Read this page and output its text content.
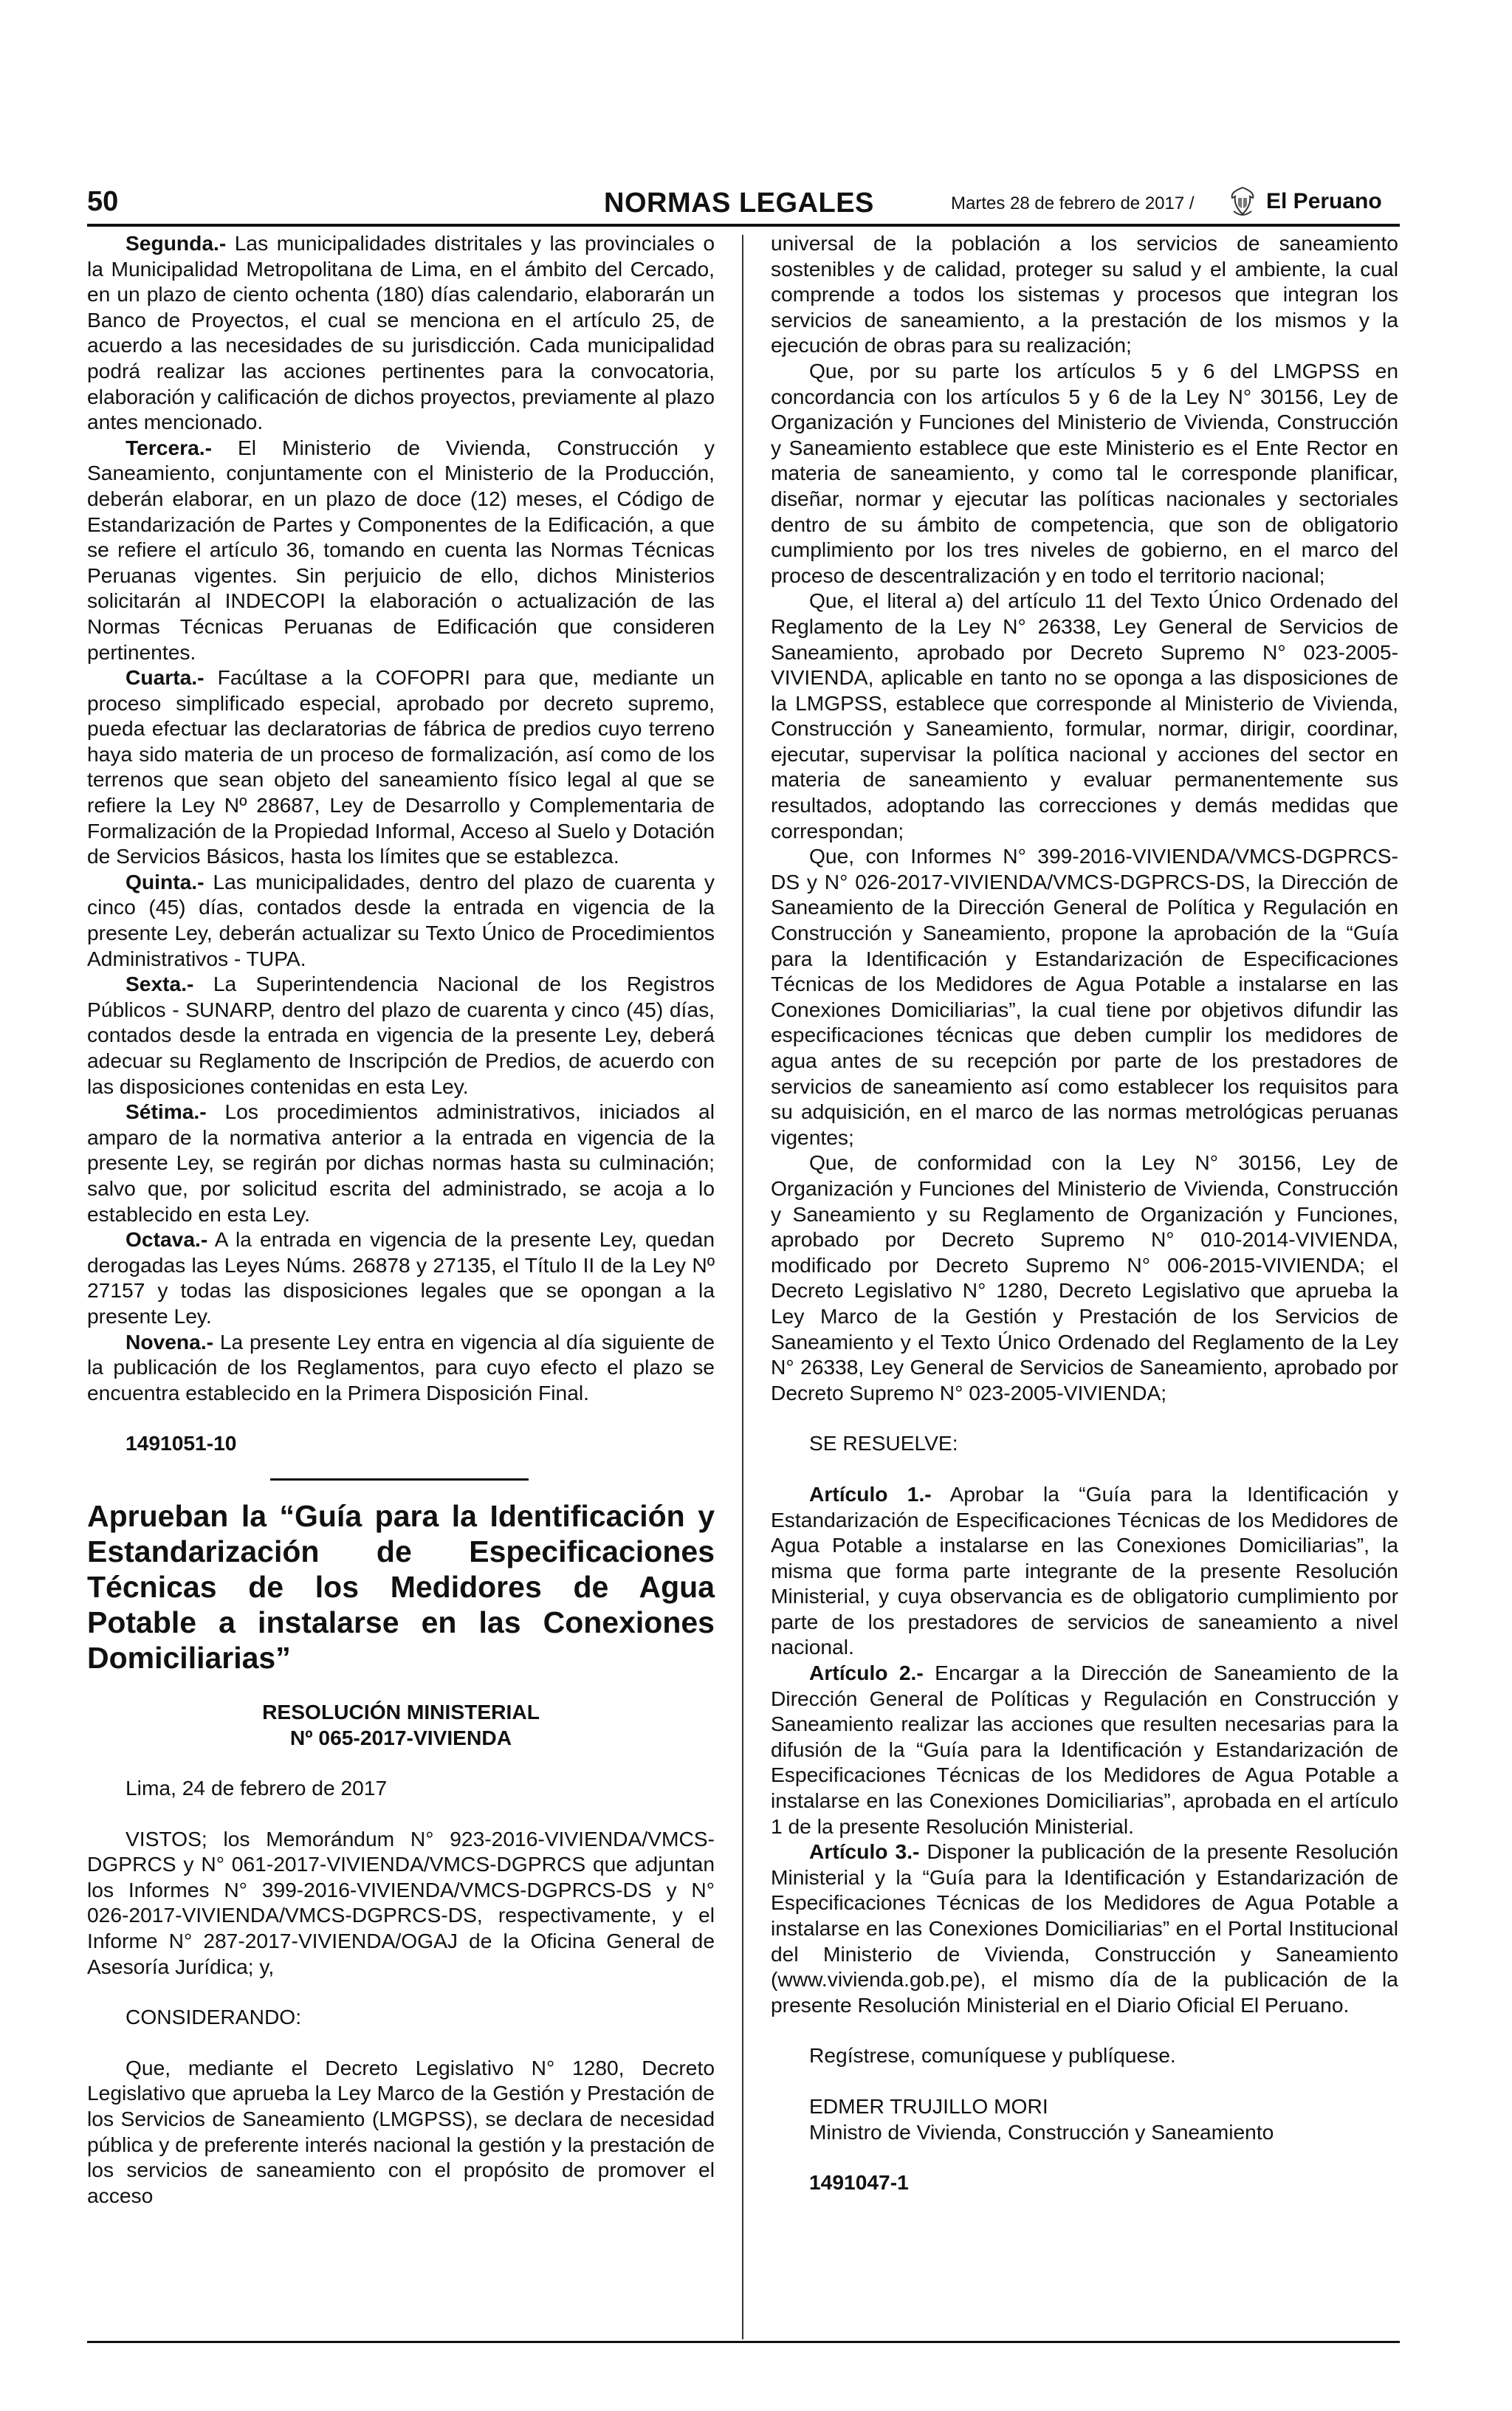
50	NORMAS LEGALES	Martes 28 de febrero de 2017 /	El Peruano

Segunda.- Las municipalidades distritales y las provinciales o la Municipalidad Metropolitana de Lima, en el ámbito del Cercado, en un plazo de ciento ochenta (180) días calendario, elaborarán un Banco de Proyectos, el cual se menciona en el artículo 25, de acuerdo a las necesidades de su jurisdicción. Cada municipalidad podrá realizar las acciones pertinentes para la convocatoria, elaboración y calificación de dichos proyectos, previamente al plazo antes mencionado.

Tercera.- El Ministerio de Vivienda, Construcción y Saneamiento, conjuntamente con el Ministerio de la Producción, deberán elaborar, en un plazo de doce (12) meses, el Código de Estandarización de Partes y Componentes de la Edificación, a que se refiere el artículo 36, tomando en cuenta las Normas Técnicas Peruanas vigentes. Sin perjuicio de ello, dichos Ministerios solicitarán al INDECOPI la elaboración o actualización de las Normas Técnicas Peruanas de Edificación que consideren pertinentes.

Cuarta.- Facúltase a la COFOPRI para que, mediante un proceso simplificado especial, aprobado por decreto supremo, pueda efectuar las declaratorias de fábrica de predios cuyo terreno haya sido materia de un proceso de formalización, así como de los terrenos que sean objeto del saneamiento físico legal al que se refiere la Ley Nº 28687, Ley de Desarrollo y Complementaria de Formalización de la Propiedad Informal, Acceso al Suelo y Dotación de Servicios Básicos, hasta los límites que se establezca.

Quinta.- Las municipalidades, dentro del plazo de cuarenta y cinco (45) días, contados desde la entrada en vigencia de la presente Ley, deberán actualizar su Texto Único de Procedimientos Administrativos - TUPA.

Sexta.- La Superintendencia Nacional de los Registros Públicos - SUNARP, dentro del plazo de cuarenta y cinco (45) días, contados desde la entrada en vigencia de la presente Ley, deberá adecuar su Reglamento de Inscripción de Predios, de acuerdo con las disposiciones contenidas en esta Ley.

Sétima.- Los procedimientos administrativos, iniciados al amparo de la normativa anterior a la entrada en vigencia de la presente Ley, se regirán por dichas normas hasta su culminación; salvo que, por solicitud escrita del administrado, se acoja a lo establecido en esta Ley.

Octava.- A la entrada en vigencia de la presente Ley, quedan derogadas las Leyes Núms. 26878 y 27135, el Título II de la Ley Nº 27157 y todas las disposiciones legales que se opongan a la presente Ley.

Novena.- La presente Ley entra en vigencia al día siguiente de la publicación de los Reglamentos, para cuyo efecto el plazo se encuentra establecido en la Primera Disposición Final.

1491051-10
Aprueban la “Guía para la Identificación y Estandarización de Especificaciones Técnicas de los Medidores de Agua Potable a instalarse en las Conexiones Domiciliarias”
RESOLUCIÓN MINISTERIAL
Nº 065-2017-VIVIENDA

Lima, 24 de febrero de 2017

VISTOS; los Memorándum N° 923-2016-VIVIENDA/VMCS-DGPRCS y N° 061-2017-VIVIENDA/VMCS-DGPRCS que adjuntan los Informes N° 399-2016-VIVIENDA/VMCS-DGPRCS-DS y N° 026-2017-VIVIENDA/VMCS-DGPRCS-DS, respectivamente, y el Informe N° 287-2017-VIVIENDA/OGAJ de la Oficina General de Asesoría Jurídica; y,

CONSIDERANDO:

Que, mediante el Decreto Legislativo N° 1280, Decreto Legislativo que aprueba la Ley Marco de la Gestión y Prestación de los Servicios de Saneamiento (LMGPSS), se declara de necesidad pública y de preferente interés nacional la gestión y la prestación de los servicios de saneamiento con el propósito de promover el acceso

universal de la población a los servicios de saneamiento sostenibles y de calidad, proteger su salud y el ambiente, la cual comprende a todos los sistemas y procesos que integran los servicios de saneamiento, a la prestación de los mismos y la ejecución de obras para su realización;

Que, por su parte los artículos 5 y 6 del LMGPSS en concordancia con los artículos 5 y 6 de la Ley N° 30156, Ley de Organización y Funciones del Ministerio de Vivienda, Construcción y Saneamiento establece que este Ministerio es el Ente Rector en materia de saneamiento, y como tal le corresponde planificar, diseñar, normar y ejecutar las políticas nacionales y sectoriales dentro de su ámbito de competencia, que son de obligatorio cumplimiento por los tres niveles de gobierno, en el marco del proceso de descentralización y en todo el territorio nacional;

Que, el literal a) del artículo 11 del Texto Único Ordenado del Reglamento de la Ley N° 26338, Ley General de Servicios de Saneamiento, aprobado por Decreto Supremo N° 023-2005-VIVIENDA, aplicable en tanto no se oponga a las disposiciones de la LMGPSS, establece que corresponde al Ministerio de Vivienda, Construcción y Saneamiento, formular, normar, dirigir, coordinar, ejecutar, supervisar la política nacional y acciones del sector en materia de saneamiento y evaluar permanentemente sus resultados, adoptando las correcciones y demás medidas que correspondan;

Que, con Informes N° 399-2016-VIVIENDA/VMCS-DGPRCS-DS y N° 026-2017-VIVIENDA/VMCS-DGPRCS-DS, la Dirección de Saneamiento de la Dirección General de Política y Regulación en Construcción y Saneamiento, propone la aprobación de la “Guía para la Identificación y Estandarización de Especificaciones Técnicas de los Medidores de Agua Potable a instalarse en las Conexiones Domiciliarias”, la cual tiene por objetivos difundir las especificaciones técnicas que deben cumplir los medidores de agua antes de su recepción por parte de los prestadores de servicios de saneamiento así como establecer los requisitos para su adquisición, en el marco de las normas metrológicas peruanas vigentes;

Que, de conformidad con la Ley N° 30156, Ley de Organización y Funciones del Ministerio de Vivienda, Construcción y Saneamiento y su Reglamento de Organización y Funciones, aprobado por Decreto Supremo N° 010-2014-VIVIENDA, modificado por Decreto Supremo N° 006-2015-VIVIENDA; el Decreto Legislativo N° 1280, Decreto Legislativo que aprueba la Ley Marco de la Gestión y Prestación de los Servicios de Saneamiento y el Texto Único Ordenado del Reglamento de la Ley N° 26338, Ley General de Servicios de Saneamiento, aprobado por Decreto Supremo N° 023-2005-VIVIENDA;

SE RESUELVE:

Artículo 1.- Aprobar la “Guía para la Identificación y Estandarización de Especificaciones Técnicas de los Medidores de Agua Potable a instalarse en las Conexiones Domiciliarias”, la misma que forma parte integrante de la presente Resolución Ministerial, y cuya observancia es de obligatorio cumplimiento por parte de los prestadores de servicios de saneamiento a nivel nacional.

Artículo 2.- Encargar a la Dirección de Saneamiento de la Dirección General de Políticas y Regulación en Construcción y Saneamiento realizar las acciones que resulten necesarias para la difusión de la “Guía para la Identificación y Estandarización de Especificaciones Técnicas de los Medidores de Agua Potable a instalarse en las Conexiones Domiciliarias”, aprobada en el artículo 1 de la presente Resolución Ministerial.

Artículo 3.- Disponer la publicación de la presente Resolución Ministerial y la “Guía para la Identificación y Estandarización de Especificaciones Técnicas de los Medidores de Agua Potable a instalarse en las Conexiones Domiciliarias” en el Portal Institucional del Ministerio de Vivienda, Construcción y Saneamiento (www.vivienda.gob.pe), el mismo día de la publicación de la presente Resolución Ministerial en el Diario Oficial El Peruano.

Regístrese, comuníquese y publíquese.

EDMER TRUJILLO MORI
Ministro de Vivienda, Construcción y Saneamiento
1491047-1
